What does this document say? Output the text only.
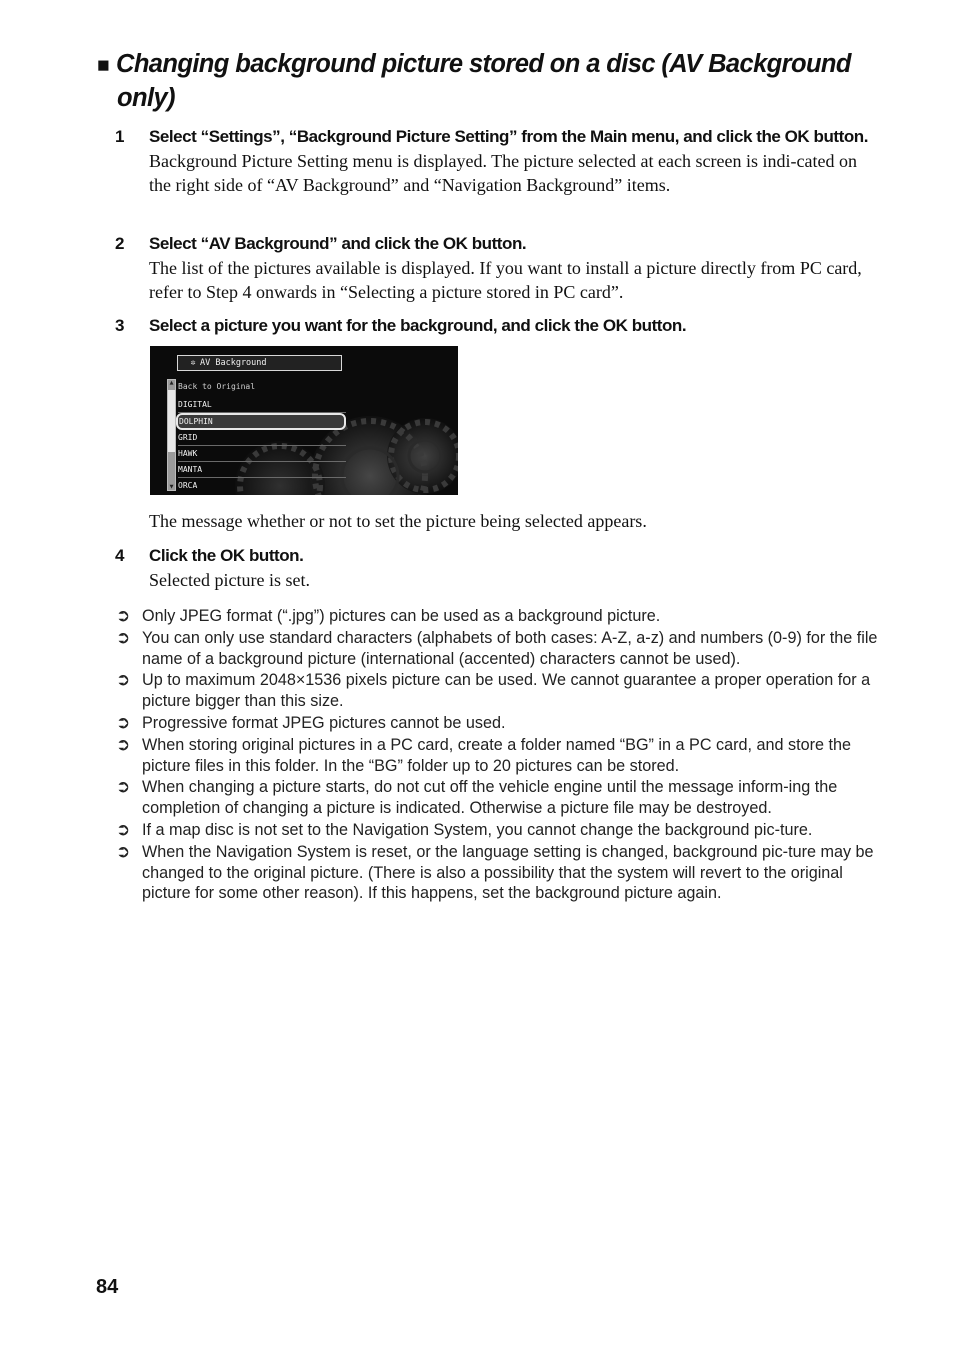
■ Changing background picture stored on a disc (AV Background
only)
1 Select “Settings”, “Background Picture Setting” from the Main menu, and click the OK button.
Background Picture Setting menu is displayed. The picture selected at each screen is indi-cated on the right side of “AV Background” and “Navigation Background” items.
2 Select “AV Background” and click the OK button.
The list of the pictures available is displayed. If you want to install a picture directly from PC card, refer to Step 4 onwards in “Selecting a picture stored in PC card”.
3 Select a picture you want for the background, and click the OK button.
✲ AV Background
▲
▼
Back to Original
DIGITAL
DOLPHIN
GRID
HAWK
MANTA
ORCA
The message whether or not to set the picture being selected appears.
4 Click the OK button.
Selected picture is set.
➲ Only JPEG format (“.jpg”) pictures can be used as a background picture.
➲ You can only use standard characters (alphabets of both cases: A-Z, a-z) and numbers (0-9) for the file name of a background picture (international (accented) characters cannot be used).
➲ Up to maximum 2048×1536 pixels picture can be used. We cannot guarantee a proper operation for a picture bigger than this size.
➲ Progressive format JPEG pictures cannot be used.
➲ When storing original pictures in a PC card, create a folder named “BG” in a PC card, and store the picture files in this folder. In the “BG” folder up to 20 pictures can be stored.
➲ When changing a picture starts, do not cut off the vehicle engine until the message inform-ing the completion of changing a picture is indicated. Otherwise a picture file may be destroyed.
➲ If a map disc is not set to the Navigation System, you cannot change the background pic-ture.
➲ When the Navigation System is reset, or the language setting is changed, background pic-ture may be changed to the original picture. (There is also a possibility that the system will revert to the original picture for some other reason). If this happens, set the background picture again.
84
